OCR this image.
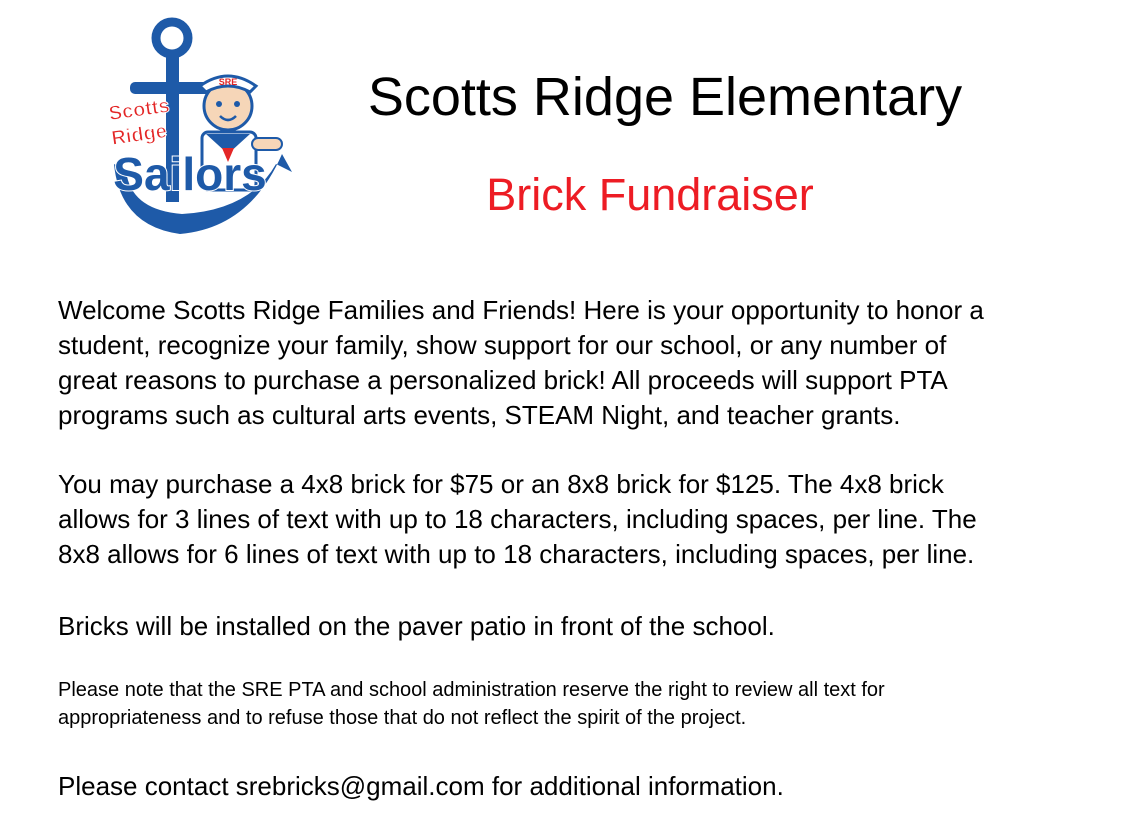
SRE
Scotts
Ridge
Sailors
Scotts Ridge Elementary
Brick Fundraiser
Welcome Scotts Ridge Families and Friends! Here is your opportunity to honor a
student, recognize your family, show support for our school, or any number of
great reasons to purchase a personalized brick! All proceeds will support PTA
programs such as cultural arts events, STEAM Night, and teacher grants.
You may purchase a 4x8 brick for $75 or an 8x8 brick for $125. The 4x8 brick
allows for 3 lines of text with up to 18 characters, including spaces, per line. The
8x8 allows for 6 lines of text with up to 18 characters, including spaces, per line.
Bricks will be installed on the paver patio in front of the school.
Please note that the SRE PTA and school administration reserve the right to review all text for
appropriateness and to refuse those that do not reflect the spirit of the project.
Please contact srebricks@gmail.com for additional information.
